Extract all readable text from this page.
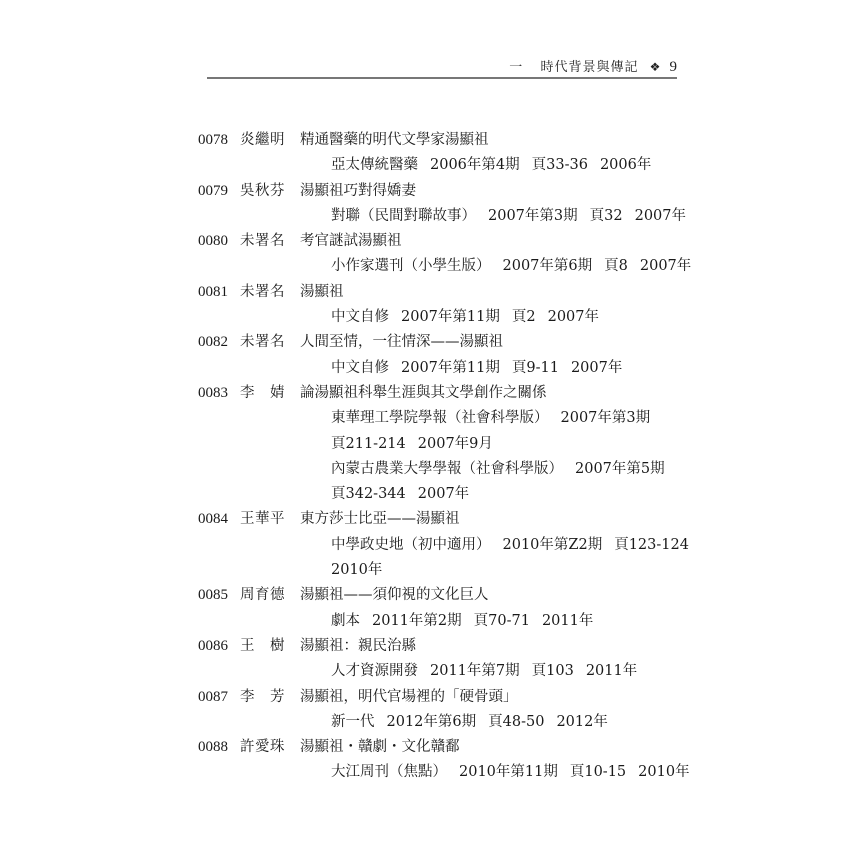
一 時代背景與傳記 ❖ 9
0078 炎繼明 精通醫藥的明代文學家湯顯祖
亞太傳統醫藥 2006年第4期 頁33-36 2006年
0079 吳秋芬 湯顯祖巧對得嬌妻
對聯（民間對聯故事） 2007年第3期 頁32 2007年
0080 未署名 考官謎試湯顯祖
小作家選刊（小學生版） 2007年第6期 頁8 2007年
0081 未署名 湯顯祖
中文自修 2007年第11期 頁2 2007年
0082 未署名 人間至情，一往情深——湯顯祖
中文自修 2007年第11期 頁9-11 2007年
0083 李　婧 論湯顯祖科舉生涯與其文學創作之關係
東華理工學院學報（社會科學版） 2007年第3期
頁211-214 2007年9月
內蒙古農業大學學報（社會科學版） 2007年第5期
頁342-344 2007年
0084 王華平 東方莎士比亞——湯顯祖
中學政史地（初中適用） 2010年第Z2期 頁123-124
2010年
0085 周育德 湯顯祖——須仰視的文化巨人
劇本 2011年第2期 頁70-71 2011年
0086 王　樹 湯顯祖：親民治縣
人才資源開發 2011年第7期 頁103 2011年
0087 李　芳 湯顯祖，明代官場裡的「硬骨頭」
新一代 2012年第6期 頁48-50 2012年
0088 許愛珠 湯顯祖・贛劇・文化贛鄱
大江周刊（焦點） 2010年第11期 頁10-15 2010年
